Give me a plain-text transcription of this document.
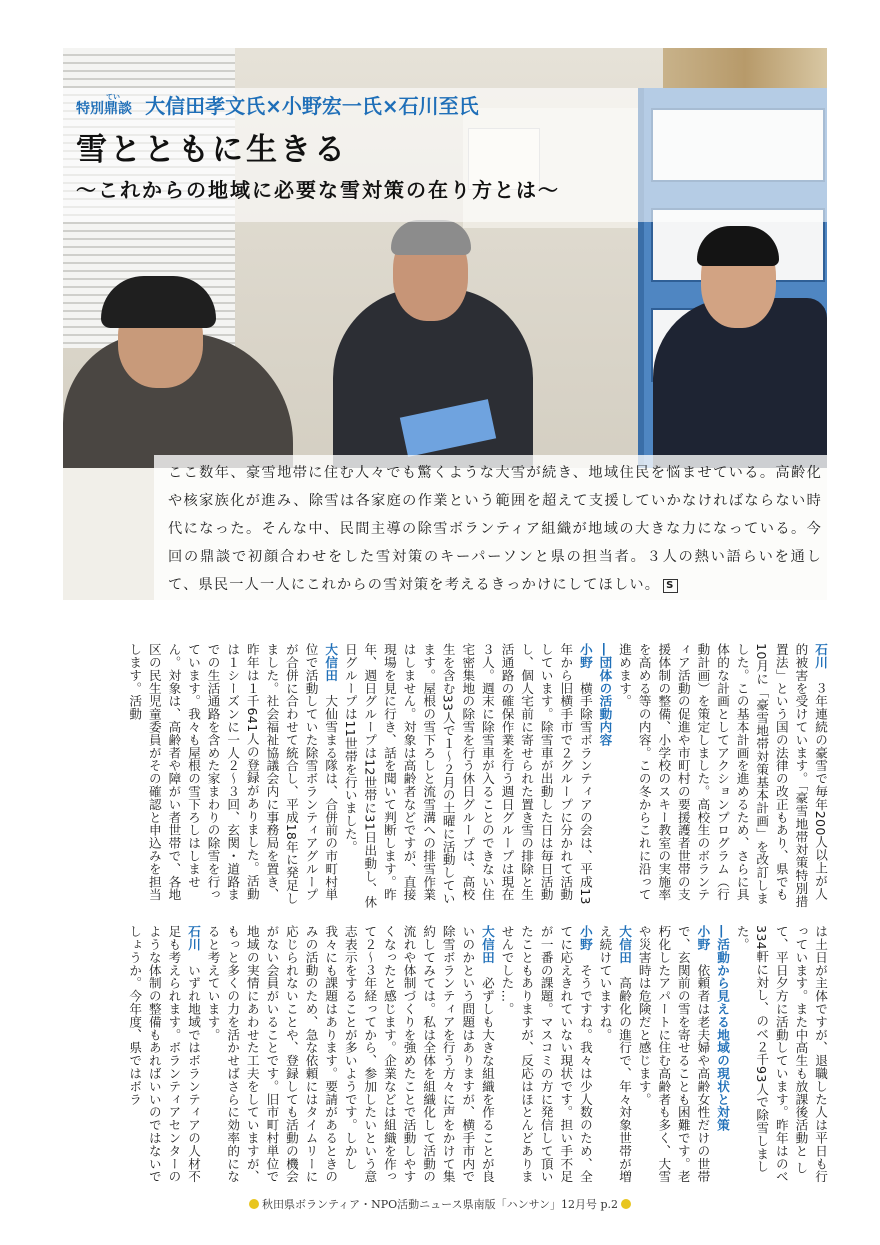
てい
特別鼎談 大信田孝文氏×小野宏一氏×石川至氏
雪とともに生きる
〜これからの地域に必要な雪対策の在り方とは〜

ここ数年、豪雪地帯に住む人々でも驚くような大雪が続き、地域住民を悩ませている。高齢化や核家族化が進み、除雪は各家庭の作業という範囲を超えて支援していかなければならない時代になった。そんな中、民間主導の除雪ボランティア組織が地域の大きな力になっている。今回の鼎談で初顔合わせをした雪対策のキーパーソンと県の担当者。３人の熱い語らいを通して、県民一人一人にこれからの雪対策を考えるきっかけにしてほしい。 S

石川　３年連続の豪雪で毎年200人以上が人的被害を受けています。「豪雪地帯対策特別措置法」という国の法律の改正もあり、県でも10月に「豪雪地帯対策基本計画」を改訂しました。この基本計画を進めるため、さらに具体的な計画としてアクションプログラム（行動計画）を策定しました。高校生のボランティア活動の促進や市町村の要援護者世帯の支援体制の整備、小学校のスキー教室の実施率を高める等の内容。この冬からこれに沿って進めます。
―団体の活動内容
小野　横手除雪ボランティアの会は、平成13年から旧横手市で２グループに分かれて活動しています。除雪車が出動した日は毎日活動し、個人宅前に寄せられた置き雪の排除と生活通路の確保作業を行う週日グループは現在３人。週末に除雪車が入ることのできない住宅密集地の除雪を行う休日グループは、高校生を含む33人で１～２月の土曜に活動しています。屋根の雪下ろしと流雪溝への排雪作業はしません。対象は高齢者などですが、直接現場を見に行き、話を聞いて判断します。昨年、週日グループは12世帯に31日出動し、休日グループは11世帯を行いました。
大信田　大仙雪まる隊は、合併前の市町村単位で活動していた除雪ボランティアグループが合併に合わせて統合し、平成18年に発足しました。社会福祉協議会内に事務局を置き、昨年は１千641人の登録がありました。活動は１シーズンに一人２～３回、玄関・道路までの生活通路を含めた家まわりの除雪を行っています。我々も屋根の雪下ろしはしません。対象は、高齢者や障がい者世帯で、各地区の民生児童委員がその確認と申込みを担当します。活動
は土日が主体ですが、退職した人は平日も行っています。また中高生も放課後活動と して、平日夕方に活動しています。昨年はのべ334軒に対し、のべ２千93人で除雪しました。
―活動から見える地域の現状と対策
小野　依頼者は老夫婦や高齢女性だけの世帯で、玄関前の雪を寄せることも困難です。老朽化したアパートに住む高齢者も多く、大雪や災害時は危険だと感じます。
大信田　高齢化の進行で、年々対象世帯が増え続けていますね。
小野　そうですね。我々は少人数のため、全てに応えきれていない現状です。担い手不足が一番の課題。マスコミの方に発信して頂いたこともありますが、反応はほとんどありませんでした…。
大信田　必ずしも大きな組織を作ることが良いのかという問題はありますが、横手市内で除雪ボランティアを行う方々に声をかけて集約してみては。私は全体を組織化して活動の流れや体制づくりを強めたことで活動しやすくなったと感じます。企業などは組織を作って２～３年経ってから、参加したいという意志表示をすることが多いようです。しかし我々にも課題はあります。要請があるときのみの活動のため、急な依頼にはタイムリーに応じられないことや、登録しても活動の機会がない会員がいることです。旧市町村単位で地域の実情にあわせた工夫をしていますが、もっと多くの力を活かせばさらに効率的になると考えています。
石川　いずれ地域ではボランティアの人材不足も考えられます。ボランティアセンターのような体制の整備もあればいいのではないでしょうか。今年度、県ではボラ
秋田県ボランティア・NPO活動ニュース県南版「ハンサン」12月号 p.2
